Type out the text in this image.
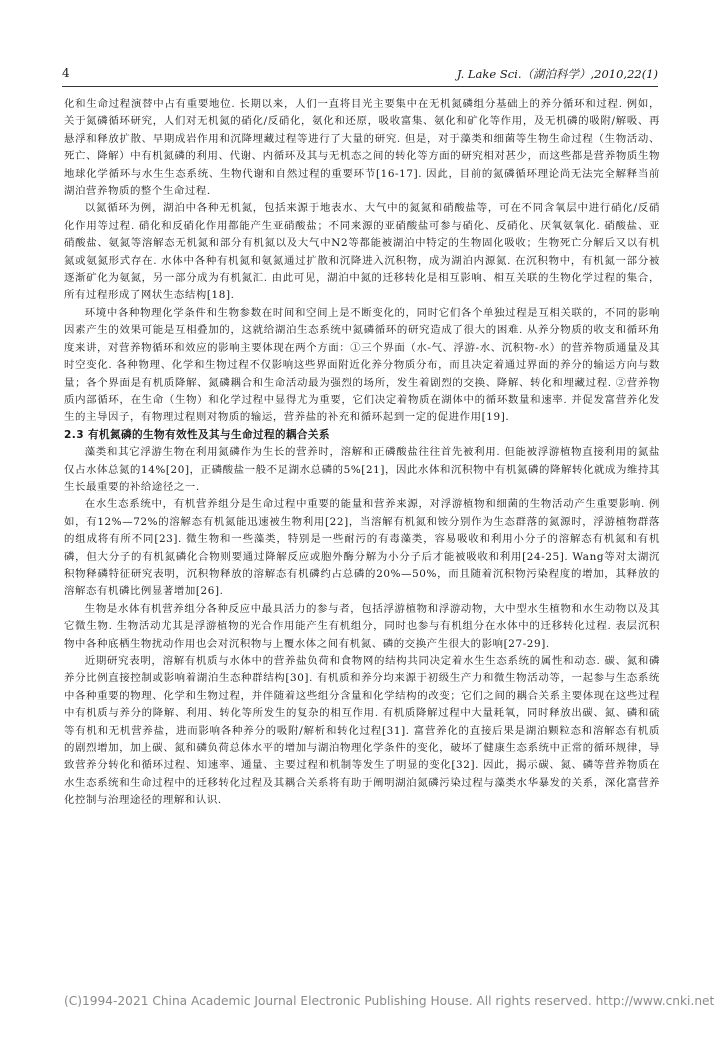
4	J. Lake Sci.（湖泊科学）,2010,22(1)

化和生命过程演替中占有重要地位. 长期以来，人们一直将目光主要集中在无机氮磷组分基础上的养分循环和过程. 例如，关于氮磷循环研究，人们对无机氮的硝化/反硝化，氨化和还原，吸收富集、氨化和矿化等作用，及无机磷的吸附/解吸、再悬浮和释放扩散、早期成岩作用和沉降埋藏过程等进行了大量的研究. 但是，对于藻类和细菌等生物生命过程（生物活动、死亡、降解）中有机氮磷的利用、代谢、内循环及其与无机态之间的转化等方面的研究相对甚少，而这些都是营养物质生物地球化学循环与水生生态系统、生物代谢和自然过程的重要环节[16-17]. 因此，目前的氮磷循环理论尚无法完全解释当前湖泊营养物质的整个生命过程.

以氮循环为例，湖泊中各种无机氮，包括来源于地表水、大气中的氮氮和硝酸盐等，可在不同含氧层中进行硝化/反硝化作用等过程. 硝化和反硝化作用都能产生亚硝酸盐；不同来源的亚硝酸盐可参与硝化、反硝化、厌氧氨氧化. 硝酸盐、亚硝酸盐、氨氮等溶解态无机氮和部分有机氮以及大气中N2等都能被湖泊中特定的生物固化吸收；生物死亡分解后又以有机氮或氨氮形式存在. 水体中各种有机氮和氨氮通过扩散和沉降进入沉积物，成为湖泊内源氮. 在沉积物中，有机氮一部分被逐渐矿化为氨氮，另一部分成为有机氮汇. 由此可见，湖泊中氮的迁移转化是相互影响、相互关联的生物化学过程的集合，所有过程形成了网状生态结构[18].

环境中各种物理化学条件和生物参数在时间和空间上是不断变化的，同时它们各个单独过程是互相关联的，不同的影响因素产生的效果可能是互相叠加的，这就给湖泊生态系统中氮磷循环的研究造成了很大的困难. 从养分物质的收支和循环角度来讲，对营养物循环和效应的影响主要体现在两个方面：①三个界面（水-气、浮游-水、沉积物-水）的营养物质通量及其时空变化. 各种物理、化学和生物过程不仅影响这些界面附近化养分物质分布，而且决定着通过界面的养分的输运方向与数量；各个界面是有机质降解、氮磷耦合和生命活动最为强烈的场所，发生着剧烈的交换、降解、转化和埋藏过程. ②营养物质内部循环，在生命（生物）和化学过程中显得尤为重要，它们决定着物质在湖体中的循环数量和速率. 并促发富营养化发生的主导因子，有物理过程则对物质的输运，营养盐的补充和循环起到一定的促进作用[19].

2.3 有机氮磷的生物有效性及其与生命过程的耦合关系

藻类和其它浮游生物在利用氮磷作为生长的营养时，溶解和正磷酸盐往往首先被利用. 但能被浮游植物直接利用的氮盐仅占水体总氮的14%[20]，正磷酸盐一般不足湖水总磷的5%[21]，因此水体和沉积物中有机氮磷的降解转化就成为维持其生长最重要的补给途径之一.

在水生态系统中，有机营养组分是生命过程中重要的能量和营养来源，对浮游植物和细菌的生物活动产生重要影响. 例如，有12%—72%的溶解态有机氮能迅速被生物利用[22]，当溶解有机氮和铵分别作为生态群落的氮源时，浮游植物群落的组成将有所不同[23]. 微生物和一些藻类，特别是一些耐污的有毒藻类，容易吸收和利用小分子的溶解态有机氮和有机磷，但大分子的有机氮磷化合物则要通过降解反应或胞外酶分解为小分子后才能被吸收和利用[24-25]. Wang等对太湖沉积物释磷特征研究表明，沉积物释放的溶解态有机磷约占总磷的20%—50%，而且随着沉积物污染程度的增加，其释放的溶解态有机磷比例显著增加[26].

生物是水体有机营养组分各种反应中最具活力的参与者，包括浮游植物和浮游动物，大中型水生植物和水生动物以及其它微生物. 生物活动尤其是浮游植物的光合作用能产生有机组分，同时也参与有机组分在水体中的迁移转化过程. 表层沉积物中各种底栖生物扰动作用也会对沉积物与上覆水体之间有机氮、磷的交换产生很大的影响[27-29].

近期研究表明，溶解有机质与水体中的营养盐负荷和食物网的结构共同决定着水生生态系统的属性和动态. 碳、氮和磷养分比例直接控制或影响着湖泊生态种群结构[30]. 有机质和养分均来源于初级生产力和微生物活动等，一起参与生态系统中各种重要的物理、化学和生物过程，并伴随着这些组分含量和化学结构的改变；它们之间的耦合关系主要体现在这些过程中有机质与养分的降解、利用、转化等所发生的复杂的相互作用. 有机质降解过程中大量耗氧，同时释放出碳、氮、磷和硫等有机和无机营养盐，进而影响各种养分的吸附/解析和转化过程[31]. 富营养化的直接后果是湖泊颗粒态和溶解态有机质的剧烈增加，加上碳、氮和磷负荷总体水平的增加与湖泊物理化学条件的变化，破坏了健康生态系统中正常的循环规律，导致营养分转化和循环过程、知速率、通量、主要过程和机制等发生了明显的变化[32]. 因此，揭示碳、氮、磷等营养物质在水生态系统和生命过程中的迁移转化过程及其耦合关系将有助于阐明湖泊氮磷污染过程与藻类水华暴发的关系，深化富营养化控制与治理途径的理解和认识.

(C)1994-2021 China Academic Journal Electronic Publishing House. All rights reserved. http://www.cnki.net
